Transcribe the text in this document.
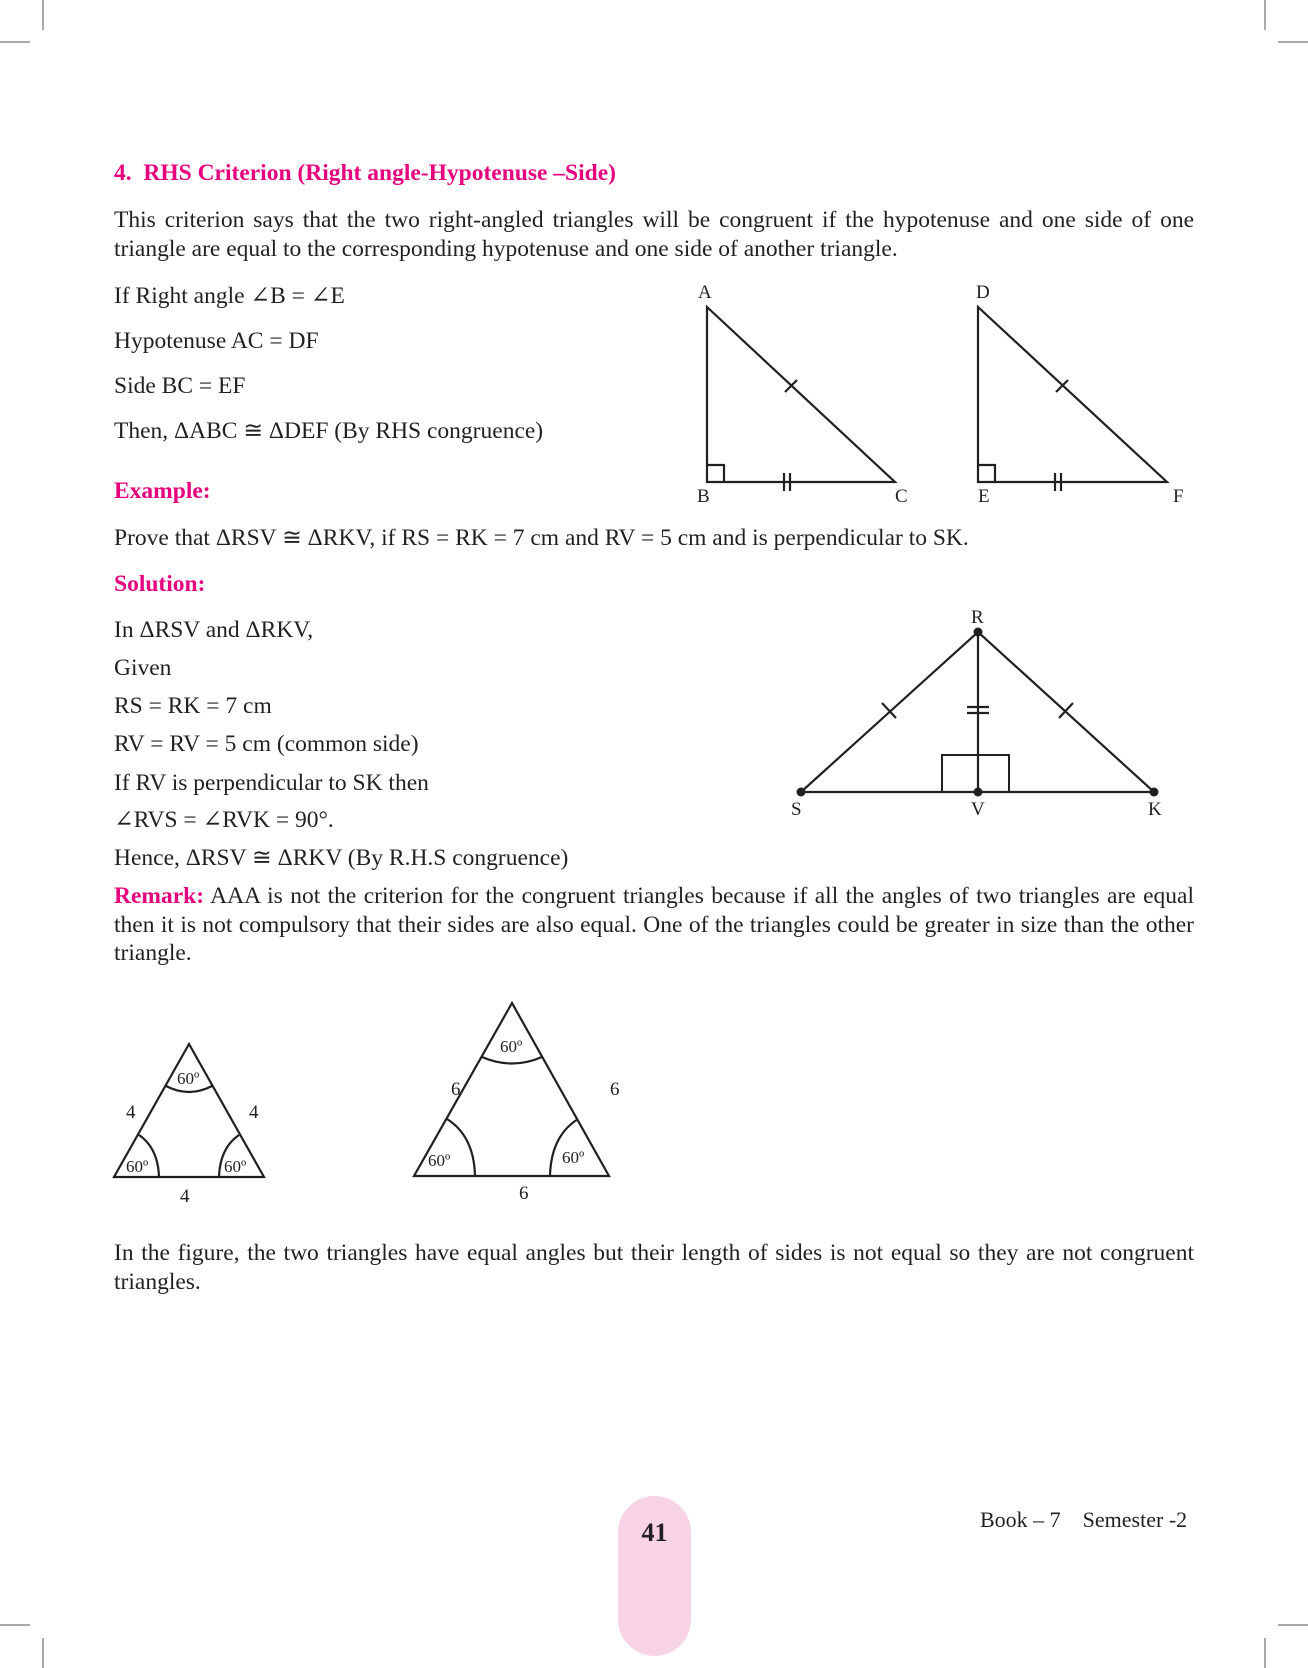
4.  RHS Criterion (Right angle-Hypotenuse –Side)
This criterion says that the two right-angled triangles will be congruent if the hypotenuse and one side of one triangle are equal to the corresponding hypotenuse and one side of another triangle.
If Right angle ∠B = ∠E
Hypotenuse AC = DF
Side BC = EF
Then, ΔABC ≅ ΔDEF (By RHS congruence)
Example:
Prove that ΔRSV ≅ ΔRKV, if RS = RK = 7 cm and RV = 5 cm and is perpendicular to SK.
Solution:
In ΔRSV and ΔRKV,
Given
RS = RK = 7 cm
RV = RV = 5 cm (common side)
If RV is perpendicular to SK then
∠RVS = ∠RVK = 90°.
Hence, ΔRSV ≅ ΔRKV (By R.H.S congruence)
Remark: AAA is not the criterion for the congruent triangles because if all the angles of two triangles are equal then it is not compulsory that their sides are also equal. One of the triangles could be greater in size than the other triangle.
In the figure, the two triangles have equal angles but their length of sides is not equal so they are not congruent triangles.
A
B	C
D
E	F
R
S	V	K
4	4
4
60º
60º	60º
6	6
6
60º
60º	60º
41	Book – 7    Semester -2
